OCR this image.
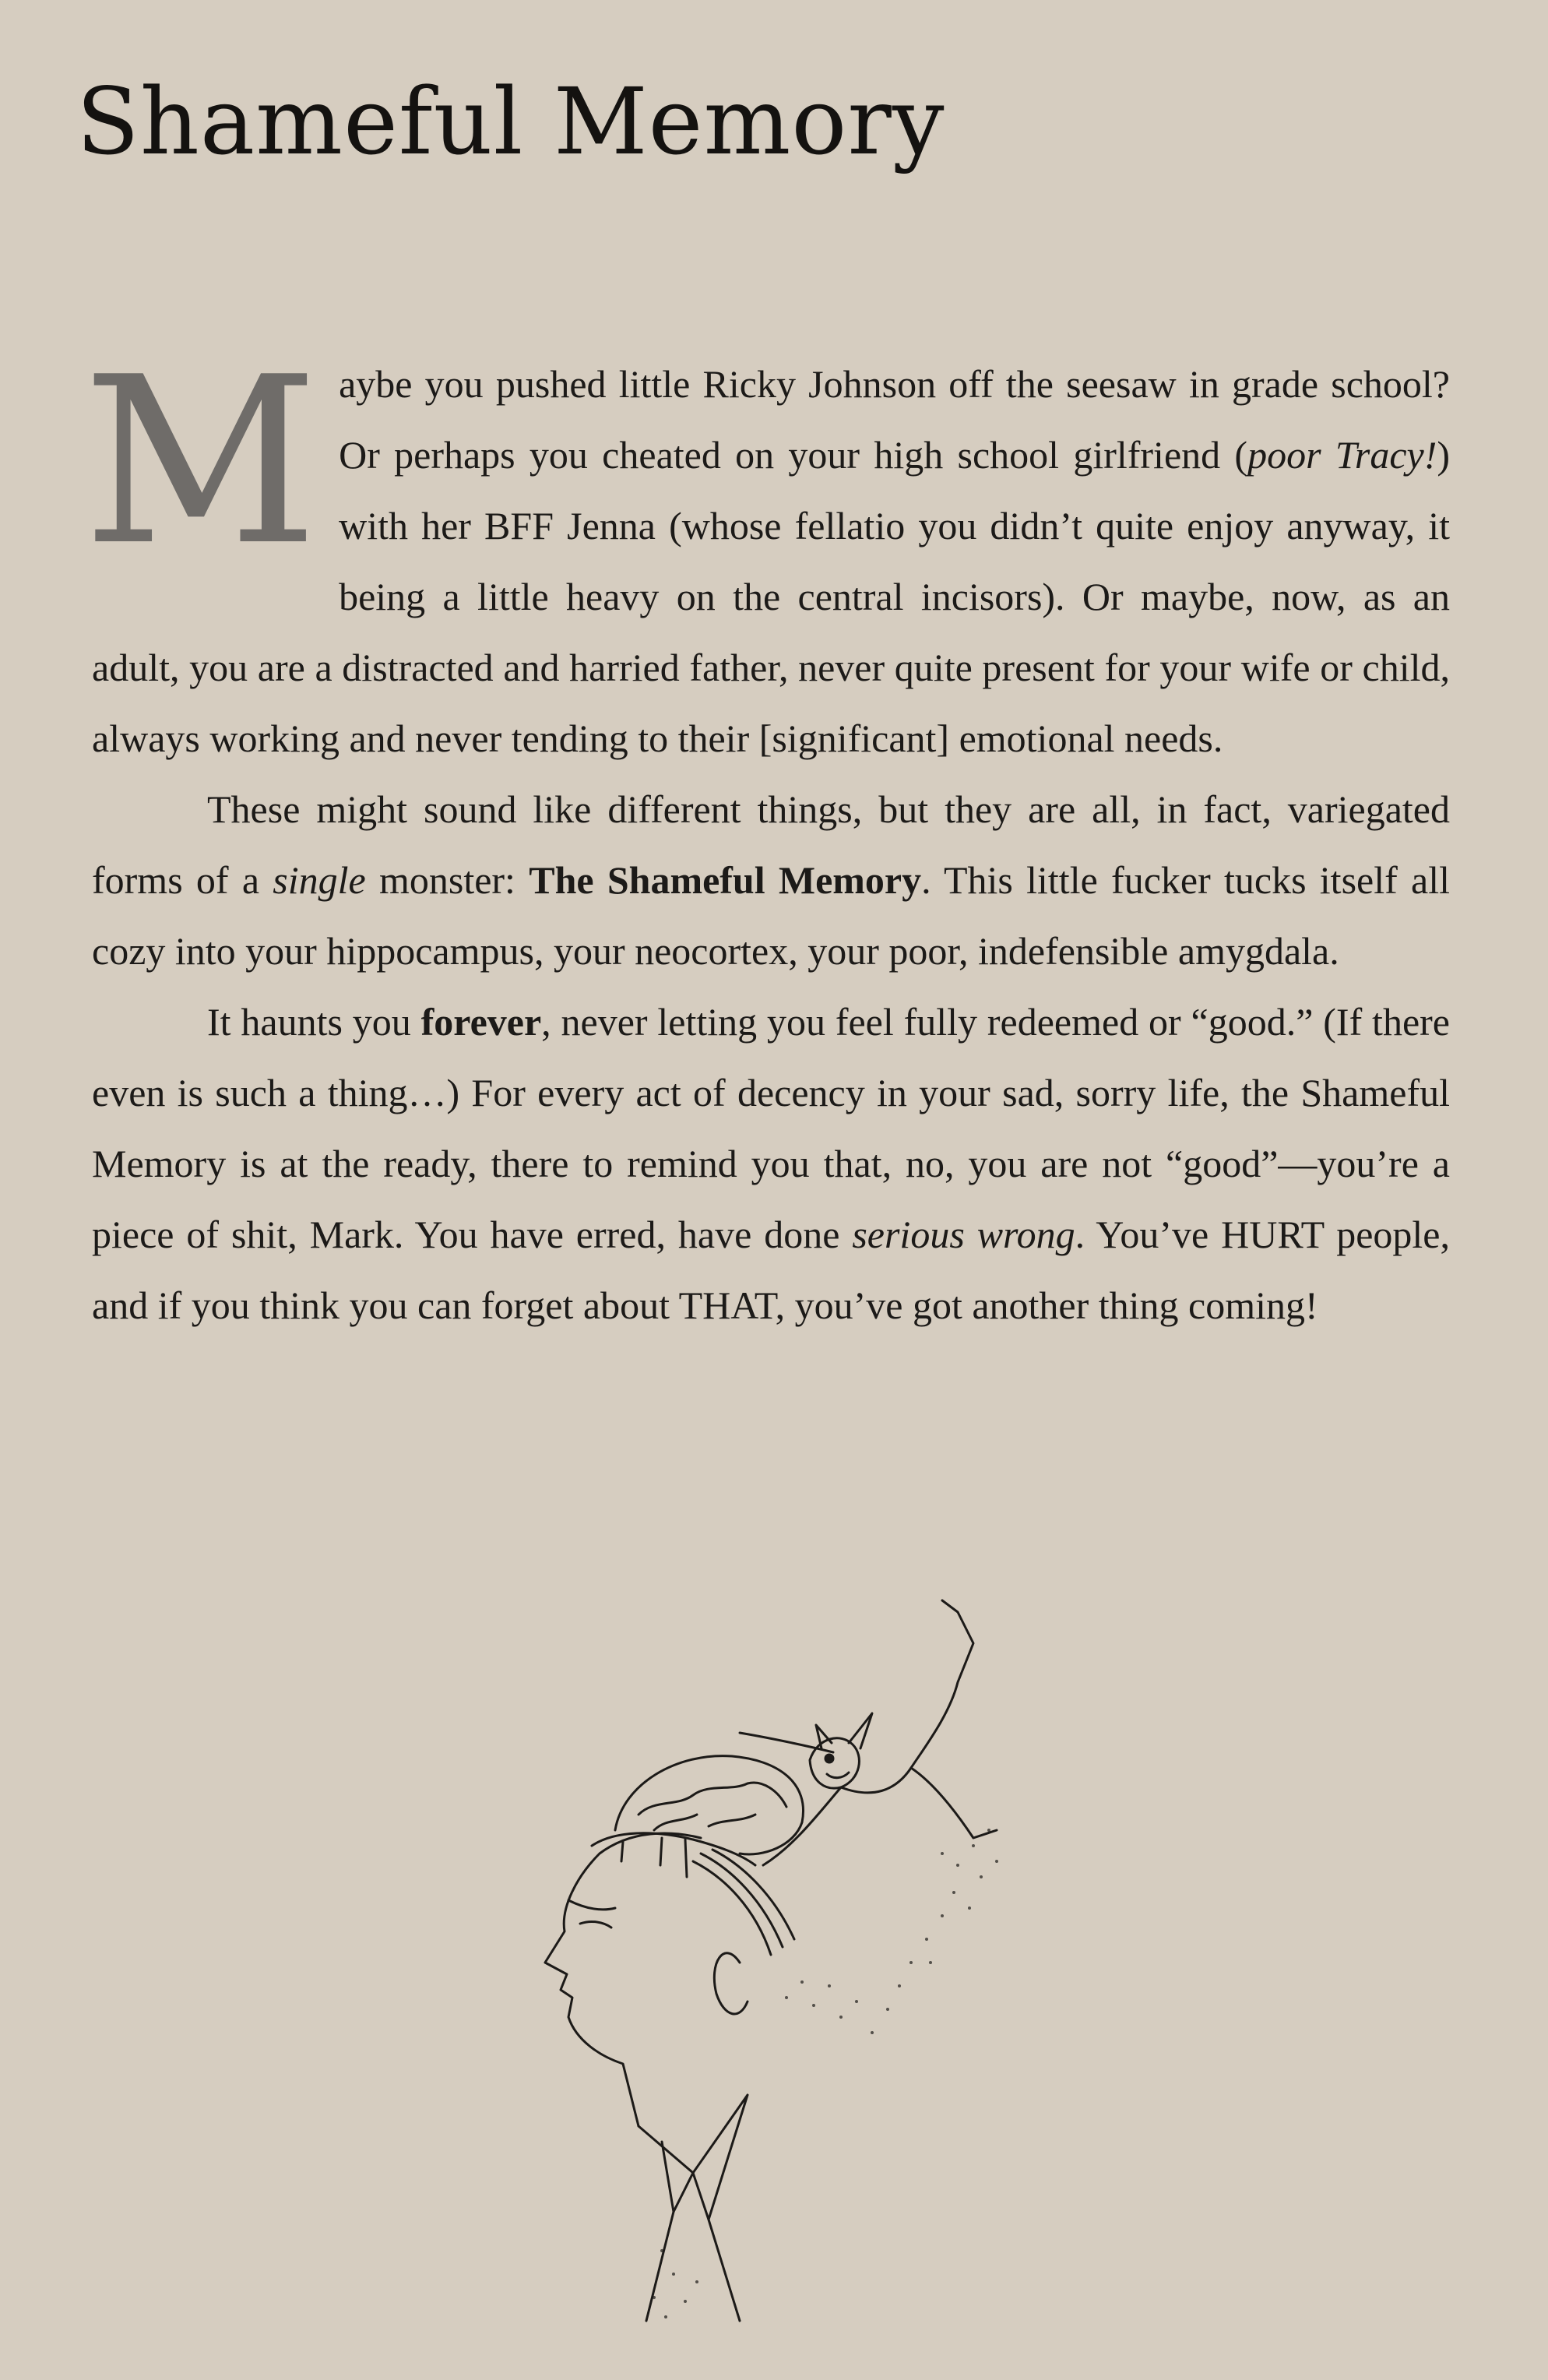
Shameful Memory

Maybe you pushed little Ricky Johnson off the seesaw in grade school? Or perhaps you cheated on your high school girlfriend (poor Tracy!) with her BFF Jenna (whose fellatio you didn’t quite enjoy anyway, it being a little heavy on the central incisors). Or maybe, now, as an adult, you are a distracted and harried father, never quite present for your wife or child, always working and never tending to their [significant] emotional needs.

These might sound like different things, but they are all, in fact, variegated forms of a single monster: The Shameful Memory. This little fucker tucks itself all cozy into your hippocampus, your neocortex, your poor, indefensible amygdala.

It haunts you forever, never letting you feel fully redeemed or “good.” (If there even is such a thing…) For every act of decency in your sad, sorry life, the Shameful Memory is at the ready, there to remind you that, no, you are not “good”—you’re a piece of shit, Mark. You have erred, have done serious wrong. You’ve HURT people, and if you think you can forget about THAT, you’ve got another thing coming!
